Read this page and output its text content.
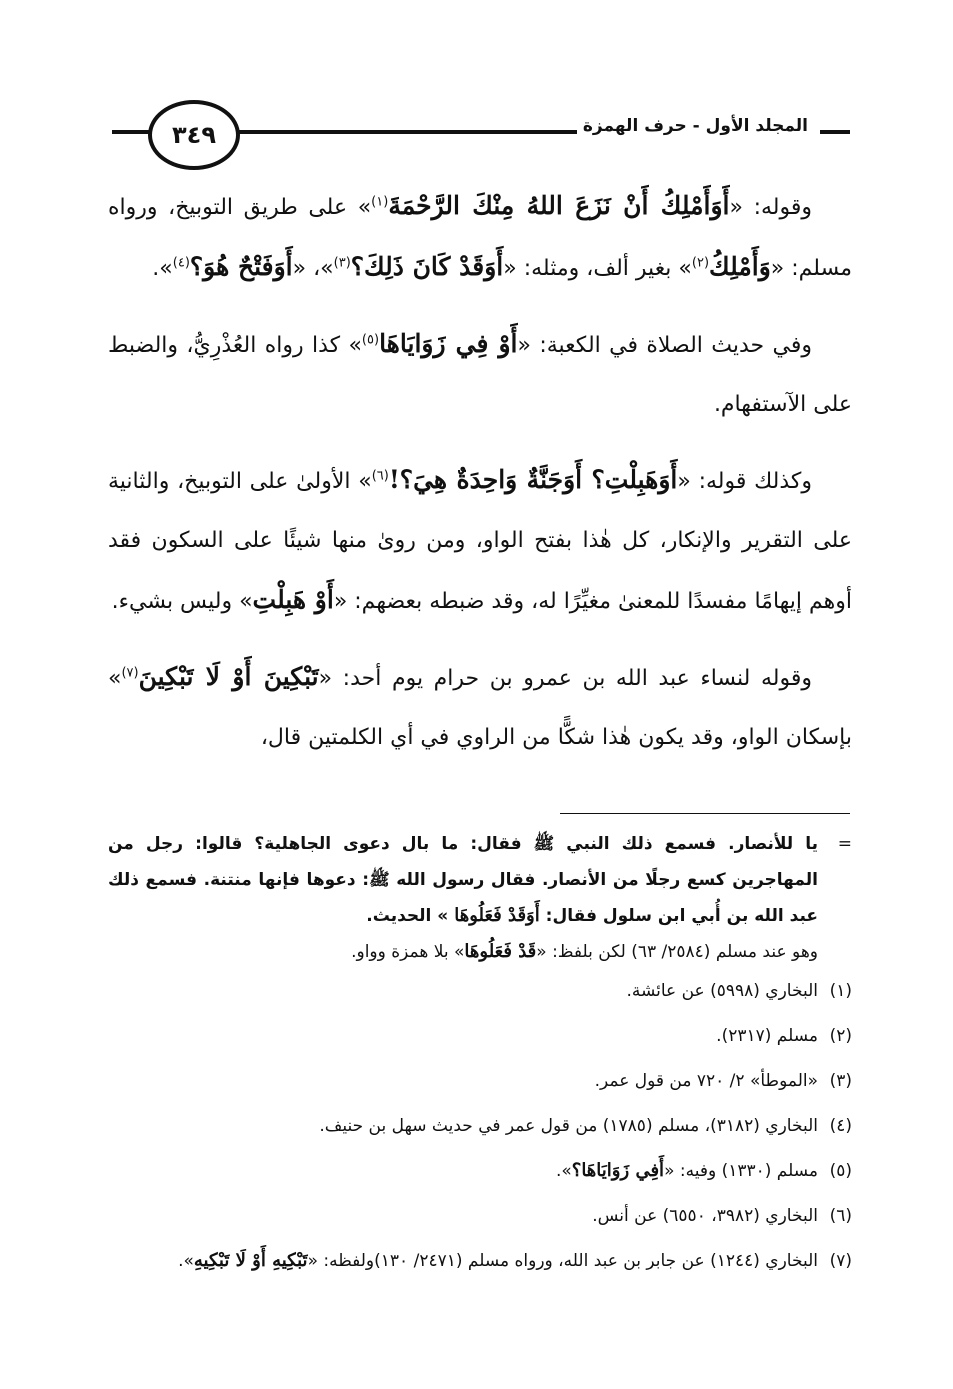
٣٤٩	المجلد الأول - حرف الهمزة

وقوله: «أَوَأَمْلِكُ أَنْ نَزَعَ اللهُ مِنْكَ الرَّحْمَةَ$^{(١)}$» على طريق التوبيخ، ورواه مسلم: «وَأَمْلِكُ$^{(٢)}$» بغير ألف، ومثله: «أَوَقَدْ كَانَ ذَلِكَ؟$^{(٣)}$»، «أَوَفَتْحٌ هُوَ؟$^{(٤)}$».

وفي حديث الصلاة في الكعبة: «أَوْ فِي زَوَايَاهَا$^{(٥)}$» كذا رواه العُذْرِيُّ، والضبط على الآستفهام.

وكذلك قوله: «أَوَهَبِلْتِ؟ أَوَجَنَّةٌ وَاحِدَةٌ هِيَ؟!$^{(٦)}$» الأولىٰ على التوبيخ، والثانية على التقرير والإنكار، كل هٰذا بفتح الواو، ومن روىٰ منها شيئًا على السكون فقد أوهم إيهامًا مفسدًا للمعنىٰ مغيِّرًا له، وقد ضبطه بعضهم: «أَوْ هَبِلْتِ» وليس بشيء.

وقوله لنساء عبد الله بن عمرو بن حرام يوم أحد: «تَبْكِينَ أَوْ لَا تَبْكِينَ$^{(٧)}$» بإسكان الواو، وقد يكون هٰذا شكًّا من الراوي في أي الكلمتين قال،

=
يا للأنصار. فسمع ذلك النبي ﷺ فقال: ما بال دعوى الجاهلية؟ قالوا: رجل من المهاجرين كسع رجلًا من الأنصار. فقال رسول الله ﷺ: دعوها فإنها منتنة. فسمع ذلك عبد الله بن أُبي ابن سلول فقال: أَوَقَدْ فَعَلُوهَا » الحديث.

وهو عند مسلم (٢٥٨٤/ ٦٣) لكن بلفظ: «قَدْ فَعَلُوهَا» بلا همزة وواو.

(١)
البخاري (٥٩٩٨) عن عائشة.

(٢)
مسلم (٢٣١٧).

(٣)
«الموطأ» ٢/ ٧٢٠ من قول عمر.

(٤)
البخاري (٣١٨٢)، مسلم (١٧٨٥) من قول عمر في حديث سهل بن حنيف.

(٥)
مسلم (١٣٣٠) وفيه: «أَفِي زَوَايَاهَا؟».

(٦)
البخاري (٣٩٨٢، ٦٥٥٠) عن أنس.

(٧)
البخاري (١٢٤٤) عن جابر بن عبد الله، ورواه مسلم (٢٤٧١/ ١٣٠)ولفظه: «تَبْكِيهِ أَوْ لَا تَبْكِيهِ».
